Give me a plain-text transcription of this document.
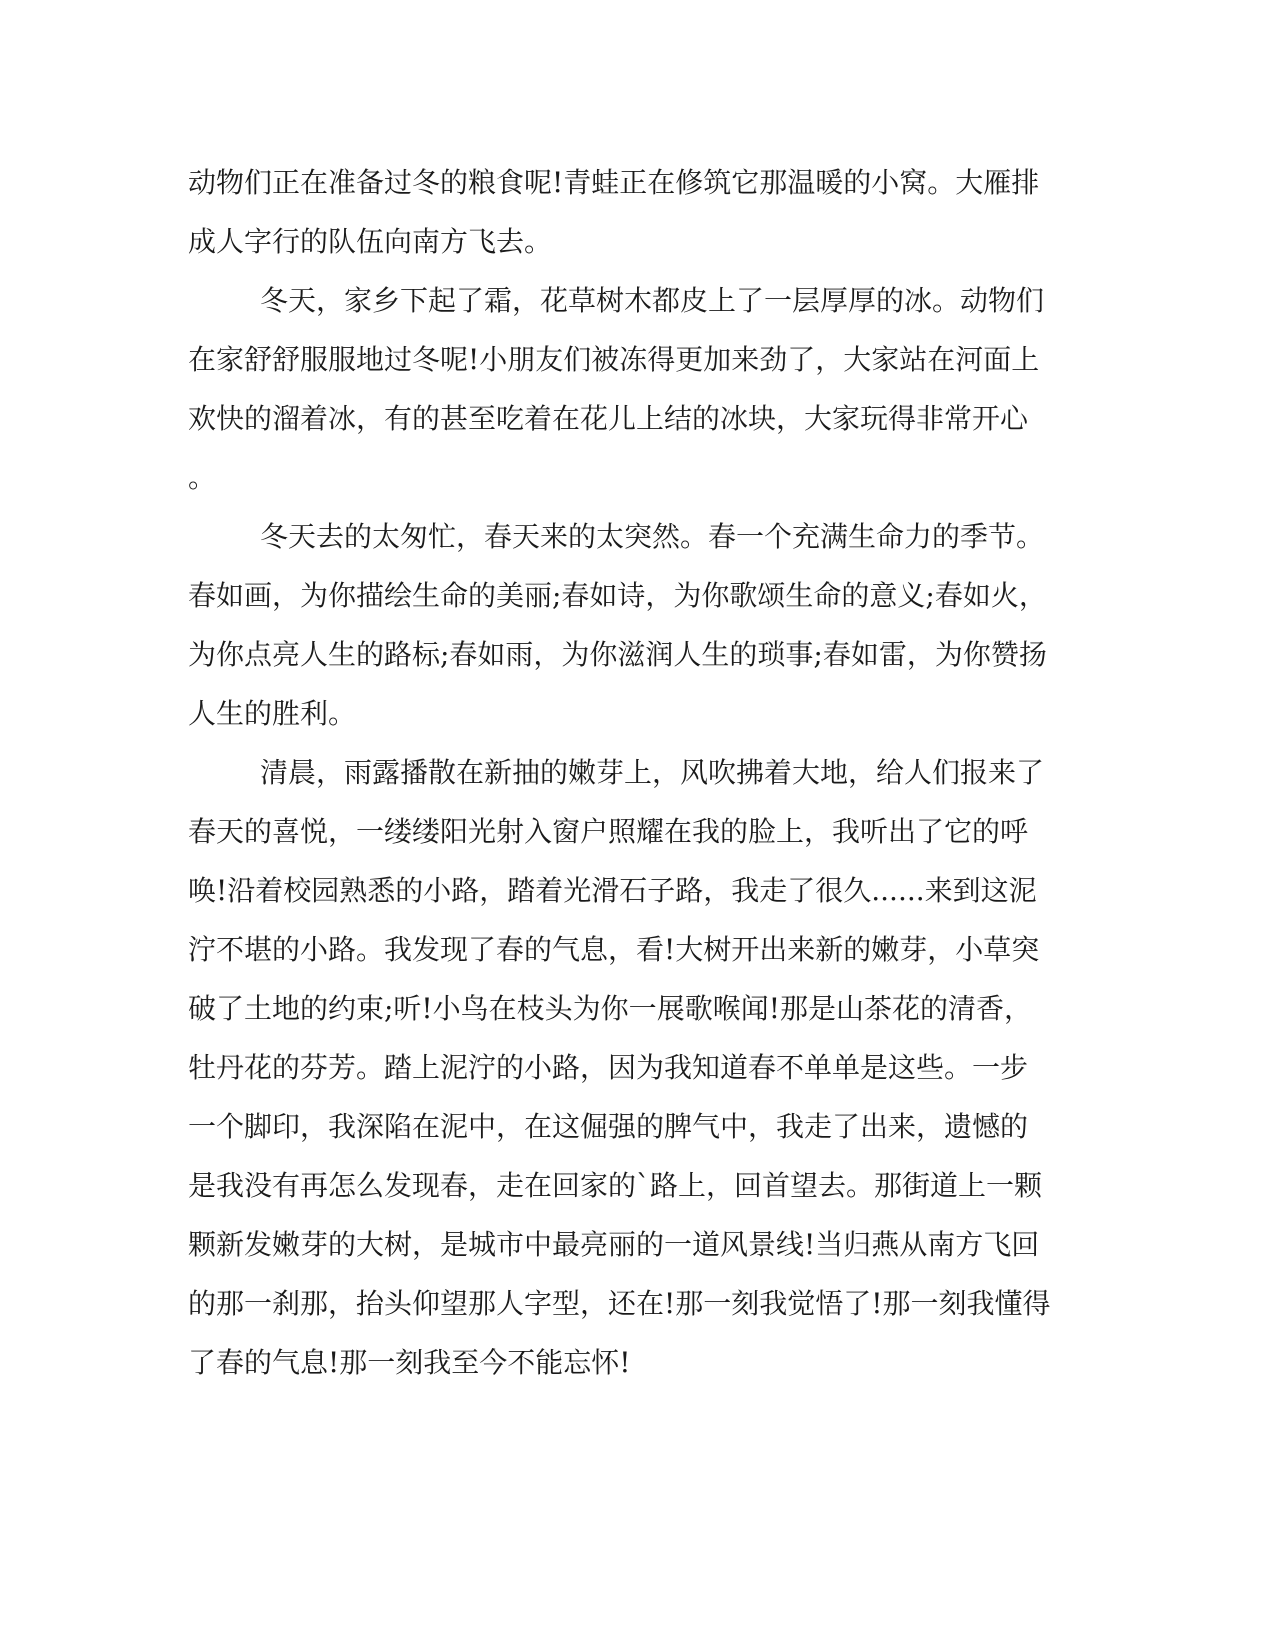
动物们正在准备过冬的粮食呢!青蛙正在修筑它那温暖的小窝。大雁排

成人字行的队伍向南方飞去。

冬天，家乡下起了霜，花草树木都皮上了一层厚厚的冰。动物们

在家舒舒服服地过冬呢!小朋友们被冻得更加来劲了，大家站在河面上

欢快的溜着冰，有的甚至吃着在花儿上结的冰块，大家玩得非常开心

。

冬天去的太匆忙，春天来的太突然。春一个充满生命力的季节。

春如画，为你描绘生命的美丽;春如诗，为你歌颂生命的意义;春如火，

为你点亮人生的路标;春如雨，为你滋润人生的琐事;春如雷，为你赞扬

人生的胜利。

清晨，雨露播散在新抽的嫩芽上，风吹拂着大地，给人们报来了

春天的喜悦，一缕缕阳光射入窗户照耀在我的脸上，我听出了它的呼

唤!沿着校园熟悉的小路，踏着光滑石子路，我走了很久......来到这泥

泞不堪的小路。我发现了春的气息，看!大树开出来新的嫩芽，小草突

破了土地的约束;听!小鸟在枝头为你一展歌喉闻!那是山茶花的清香，

牡丹花的芬芳。踏上泥泞的小路，因为我知道春不单单是这些。一步

一个脚印，我深陷在泥中，在这倔强的脾气中，我走了出来，遗憾的

是我没有再怎么发现春，走在回家的`路上，回首望去。那街道上一颗

颗新发嫩芽的大树，是城市中最亮丽的一道风景线!当归燕从南方飞回

的那一刹那，抬头仰望那人字型，还在!那一刻我觉悟了!那一刻我懂得

了春的气息!那一刻我至今不能忘怀!
